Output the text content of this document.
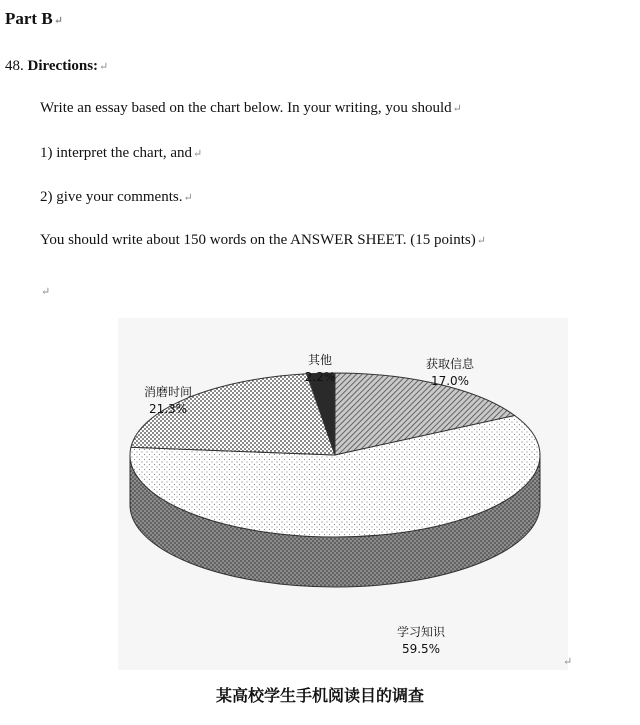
Part B↵
48. Directions:↵
Write an essay based on the chart below. In your writing, you should↵
1) interpret the chart, and↵
2) give your comments.↵
You should write about 150 words on the ANSWER SHEET. (15 points)↵
↵
获取信息
17.0%
学习知识
59.5%
消磨时间
21.3%
其他
2.2%
某高校学生手机阅读目的调查
↵
